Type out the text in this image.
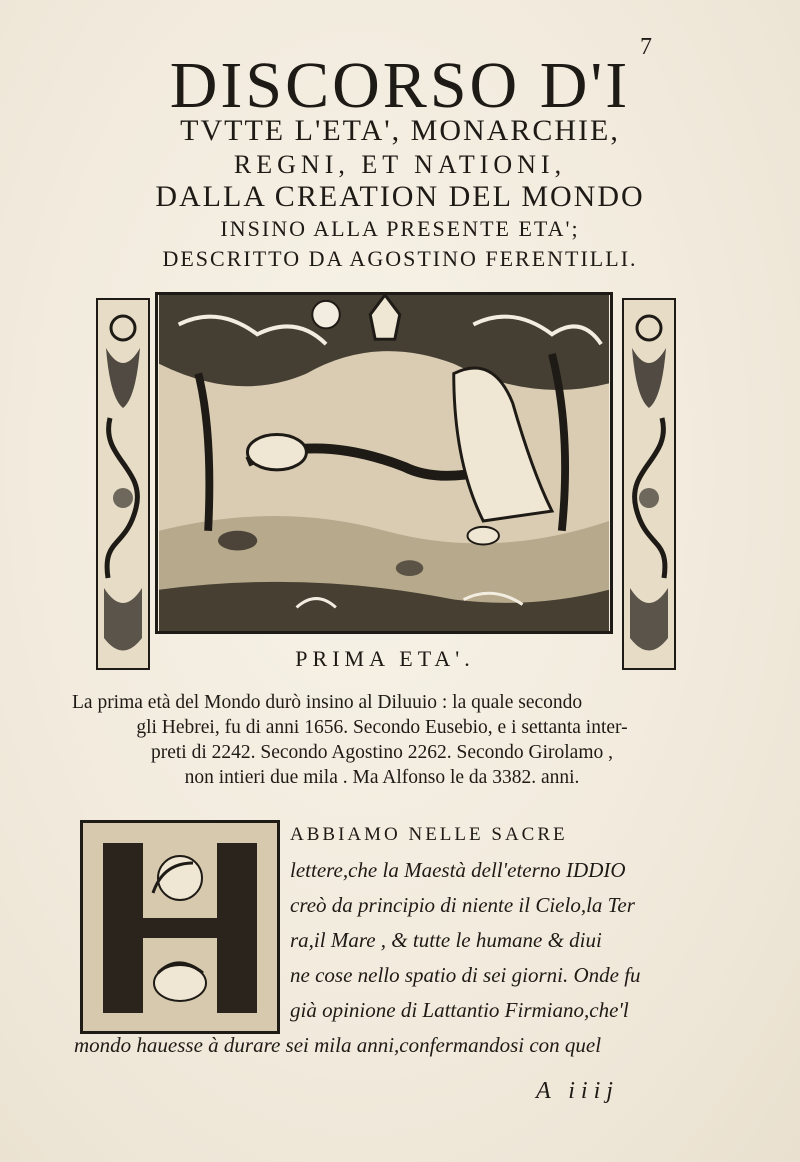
7
DISCORSO D'I
TVTTE L'ETA', MONARCHIE,
REGNI, ET NATIONI,
DALLA CREATION DEL MONDO
INSINO ALLA PRESENTE ETA';
DESCRITTO DA AGOSTINO FERENTILLI.
PRIMA ETA'.
La prima età del Mondo durò insino al Diluuio : la quale secondo
gli Hebrei, fu di anni 1656. Secondo Eusebio, e i settanta inter-
preti di 2242. Secondo Agostino 2262. Secondo Girolamo ,
non intieri due mila . Ma Alfonso le da 3382. anni.
ABBIAMO NELLE SACRE
lettere,che la Maestà dell'eterno IDDIO
creò da principio di niente il Cielo,la Ter
ra,il Mare , & tutte le humane & diui
ne cose nello spatio di sei giorni. Onde fu
già opinione di Lattantio Firmiano,che'l
mondo hauesse à durare sei mila anni,confermandosi con quel
A iiij
